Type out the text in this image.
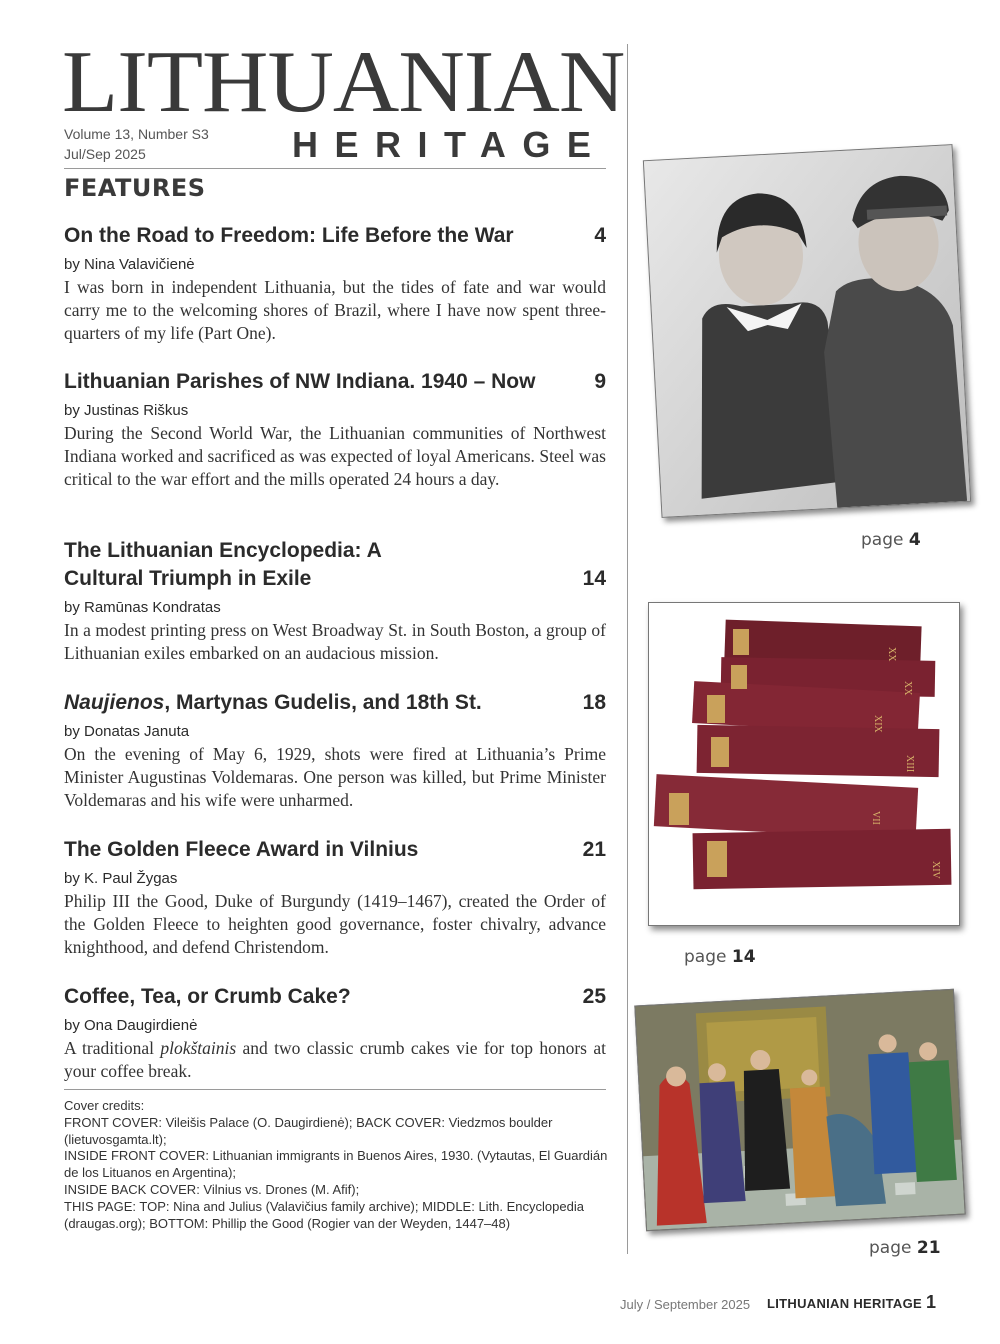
LITHUANIAN
Volume 13, Number S3
Jul/Sep 2025	HERITAGE
FEATURES
On the Road to Freedom: Life Before the War	4
by Nina Valavičienė
I was born in independent Lithuania, but the tides of fate and war would carry me to the welcoming shores of Brazil, where I have now spent three-quarters of my life (Part One).
Lithuanian Parishes of NW Indiana. 1940 – Now	9
by Justinas Riškus
During the Second World War, the Lithuanian communities of Northwest Indiana worked and sacrificed as was expected of loyal Americans. Steel was critical to the war effort and the mills operated 24 hours a day.
The Lithuanian Encyclopedia: A Cultural Triumph in Exile	14
by Ramūnas Kondratas
In a modest printing press on West Broadway St. in South Boston, a group of Lithuanian exiles embarked on an audacious mission.
Naujienos, Martynas Gudelis, and 18th St.	18
by Donatas Januta
On the evening of May 6, 1929, shots were fired at Lithuania’s Prime Minister Augustinas Voldemaras. One person was killed, but Prime Minister Voldemaras and his wife were unharmed.
The Golden Fleece Award in Vilnius	21
by K. Paul Žygas
Philip III the Good, Duke of Burgundy (1419–1467), created the Order of the Golden Fleece to heighten good governance, foster chivalry, advance knighthood, and defend Christendom.
Coffee, Tea, or Crumb Cake?	25
by Ona Daugirdienė
A traditional plokštainis and two classic crumb cakes vie for top honors at your coffee break.
Cover credits:
FRONT COVER: Vileišis Palace (O. Daugirdienė); BACK COVER: Viedzmos boulder (lietuvosgamta.lt);
INSIDE FRONT COVER: Lithuanian immigrants in Buenos Aires, 1930. (Vytautas, El Guardián de los Lituanos en Argentina);
INSIDE BACK COVER: Vilnius vs. Drones (M. Afif);
THIS PAGE: TOP: Nina and Julius (Valavičius family archive); MIDDLE: Lith. Encyclopedia (draugas.org); BOTTOM: Phillip the Good (Rogier van der Weyden, 1447–48)
page 4
XX
XX
XIX
XIII
VII
XIV
page 14
page 21
July / September 2025 LITHUANIAN HERITAGE 1
